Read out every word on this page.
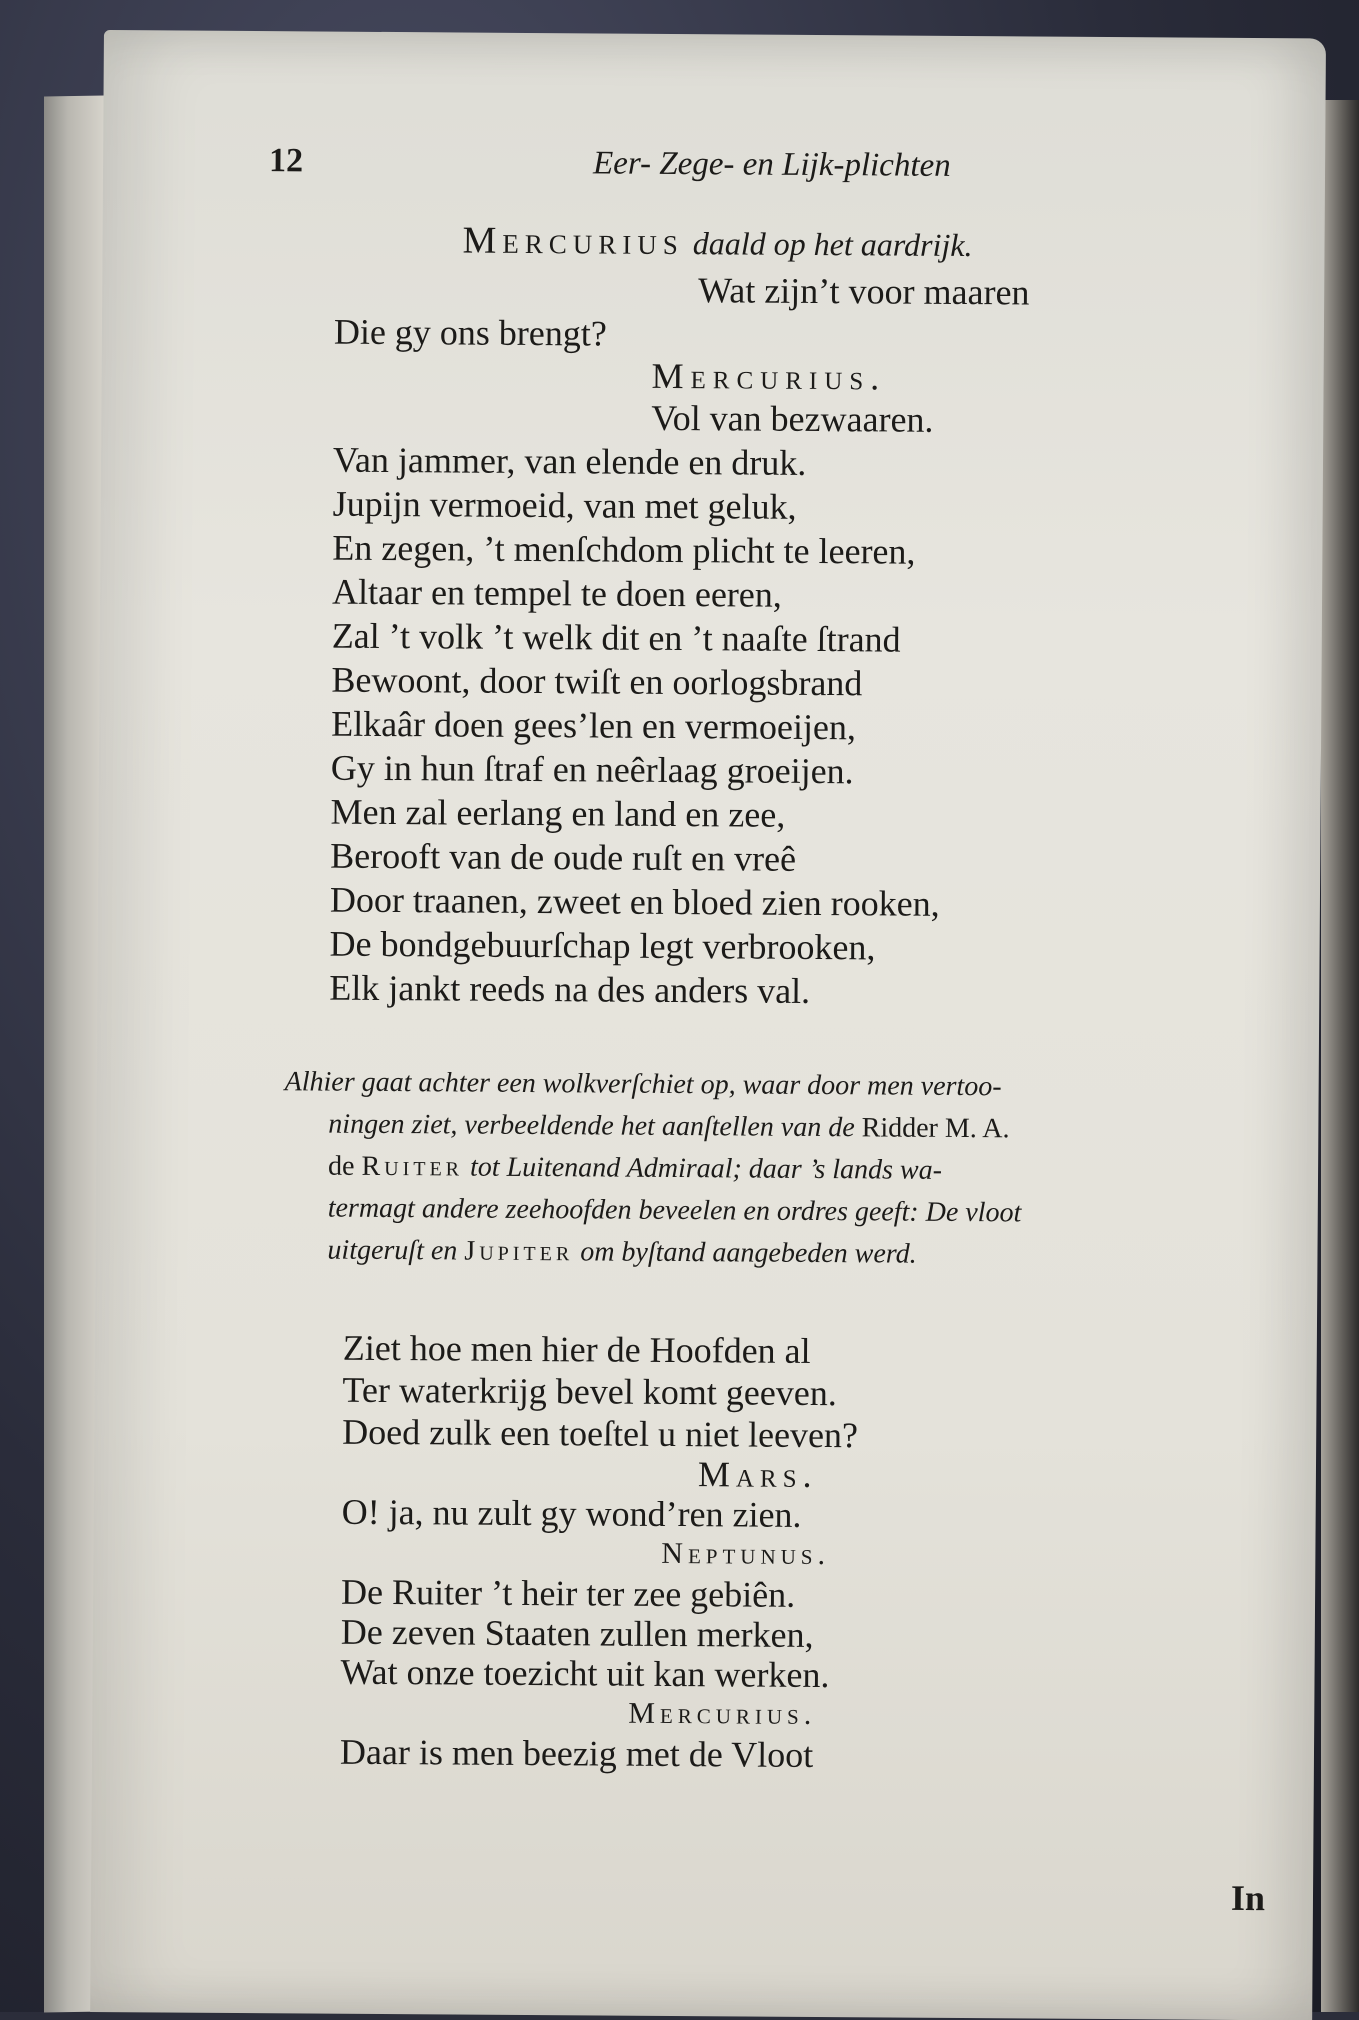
12	Eer- Zege- en Lijk-plichten
Mercurius daald op het aardrijk.
Wat zijn’t voor maaren
Die gy ons brengt?
Mercurius.
Vol van bezwaaren.
Van jammer, van elende en druk.
Jupijn vermoeid, van met geluk,
En zegen, ’t menſchdom plicht te leeren,
Altaar en tempel te doen eeren,
Zal ’t volk ’t welk dit en ’t naaſte ſtrand
Bewoont, door twiſt en oorlogsbrand
Elkaâr doen gees’len en vermoeijen,
Gy in hun ſtraf en neêrlaag groeijen.
Men zal eerlang en land en zee,
Berooft van de oude ruſt en vreê
Door traanen, zweet en bloed zien rooken,
De bondgebuurſchap legt verbrooken,
Elk jankt reeds na des anders val.
Alhier gaat achter een wolkverſchiet op, waar door men vertoo-
ningen ziet, verbeeldende het aanſtellen van de Ridder M. A.
de Ruiter tot Luitenand Admiraal; daar ’s lands wa-
termagt andere zeehoofden beveelen en ordres geeft: De vloot
uitgeruſt en Jupiter om byſtand aangebeden werd.
Ziet hoe men hier de Hoofden al
Ter waterkrijg bevel komt geeven.
Doed zulk een toeſtel u niet leeven?
Mars.
O! ja, nu zult gy wond’ren zien.
Neptunus.
De Ruiter ’t heir ter zee gebiên.
De zeven Staaten zullen merken,
Wat onze toezicht uit kan werken.
Mercurius.
Daar is men beezig met de Vloot
In
